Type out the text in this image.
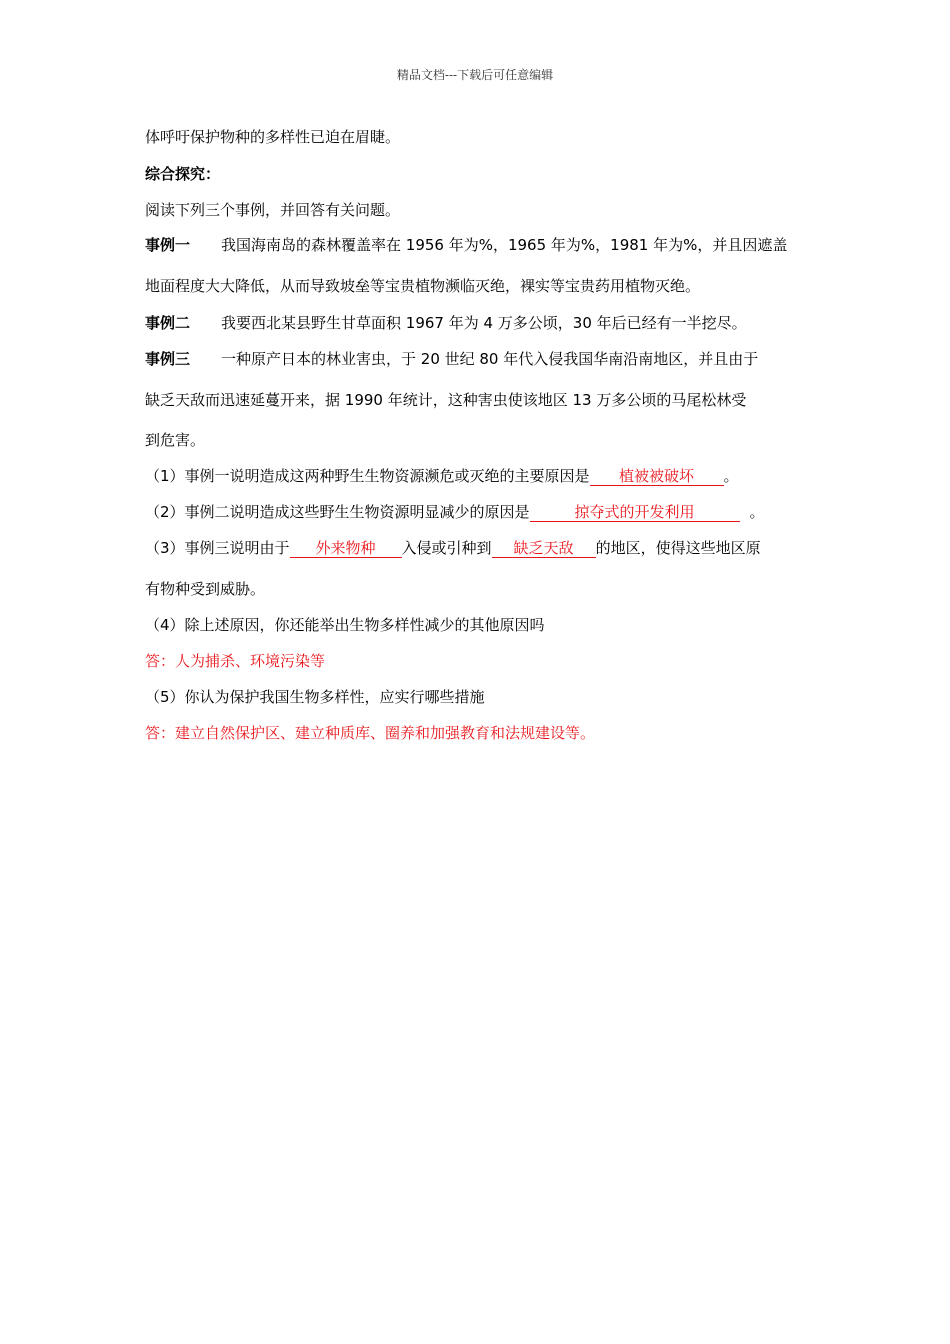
精品文档---下载后可任意编辑
体呼吁保护物种的多样性已迫在眉睫。
综合探究：
阅读下列三个事例，并回答有关问题。
事例一 我国海南岛的森林覆盖率在 1956 年为%，1965 年为%，1981 年为%，并且因遮盖
地面程度大大降低，从而导致坡垒等宝贵植物濒临灭绝，裸实等宝贵药用植物灭绝。
事例二 我要西北某县野生甘草面积 1967 年为 4 万多公顷，30 年后已经有一半挖尽。
事例三 一种原产日本的林业害虫，于 20 世纪 80 年代入侵我国华南沿南地区，并且由于
缺乏天敌而迅速延蔓开来，据 1990 年统计，这种害虫使该地区 13 万多公顷的马尾松林受
到危害。
（1）事例一说明造成这两种野生生物资源濒危或灭绝的主要原因是 植被被破坏 。
（2）事例二说明造成这些野生生物资源明显减少的原因是	掠夺式的开发利用	。
（3）事例三说明由于 外来物种 入侵或引种到 缺乏天敌 的地区，使得这些地区原
有物种受到威胁。
（4）除上述原因，你还能举出生物多样性减少的其他原因吗
答：人为捕杀、环境污染等
（5）你认为保护我国生物多样性，应实行哪些措施
答：建立自然保护区、建立种质库、圈养和加强教育和法规建设等。
